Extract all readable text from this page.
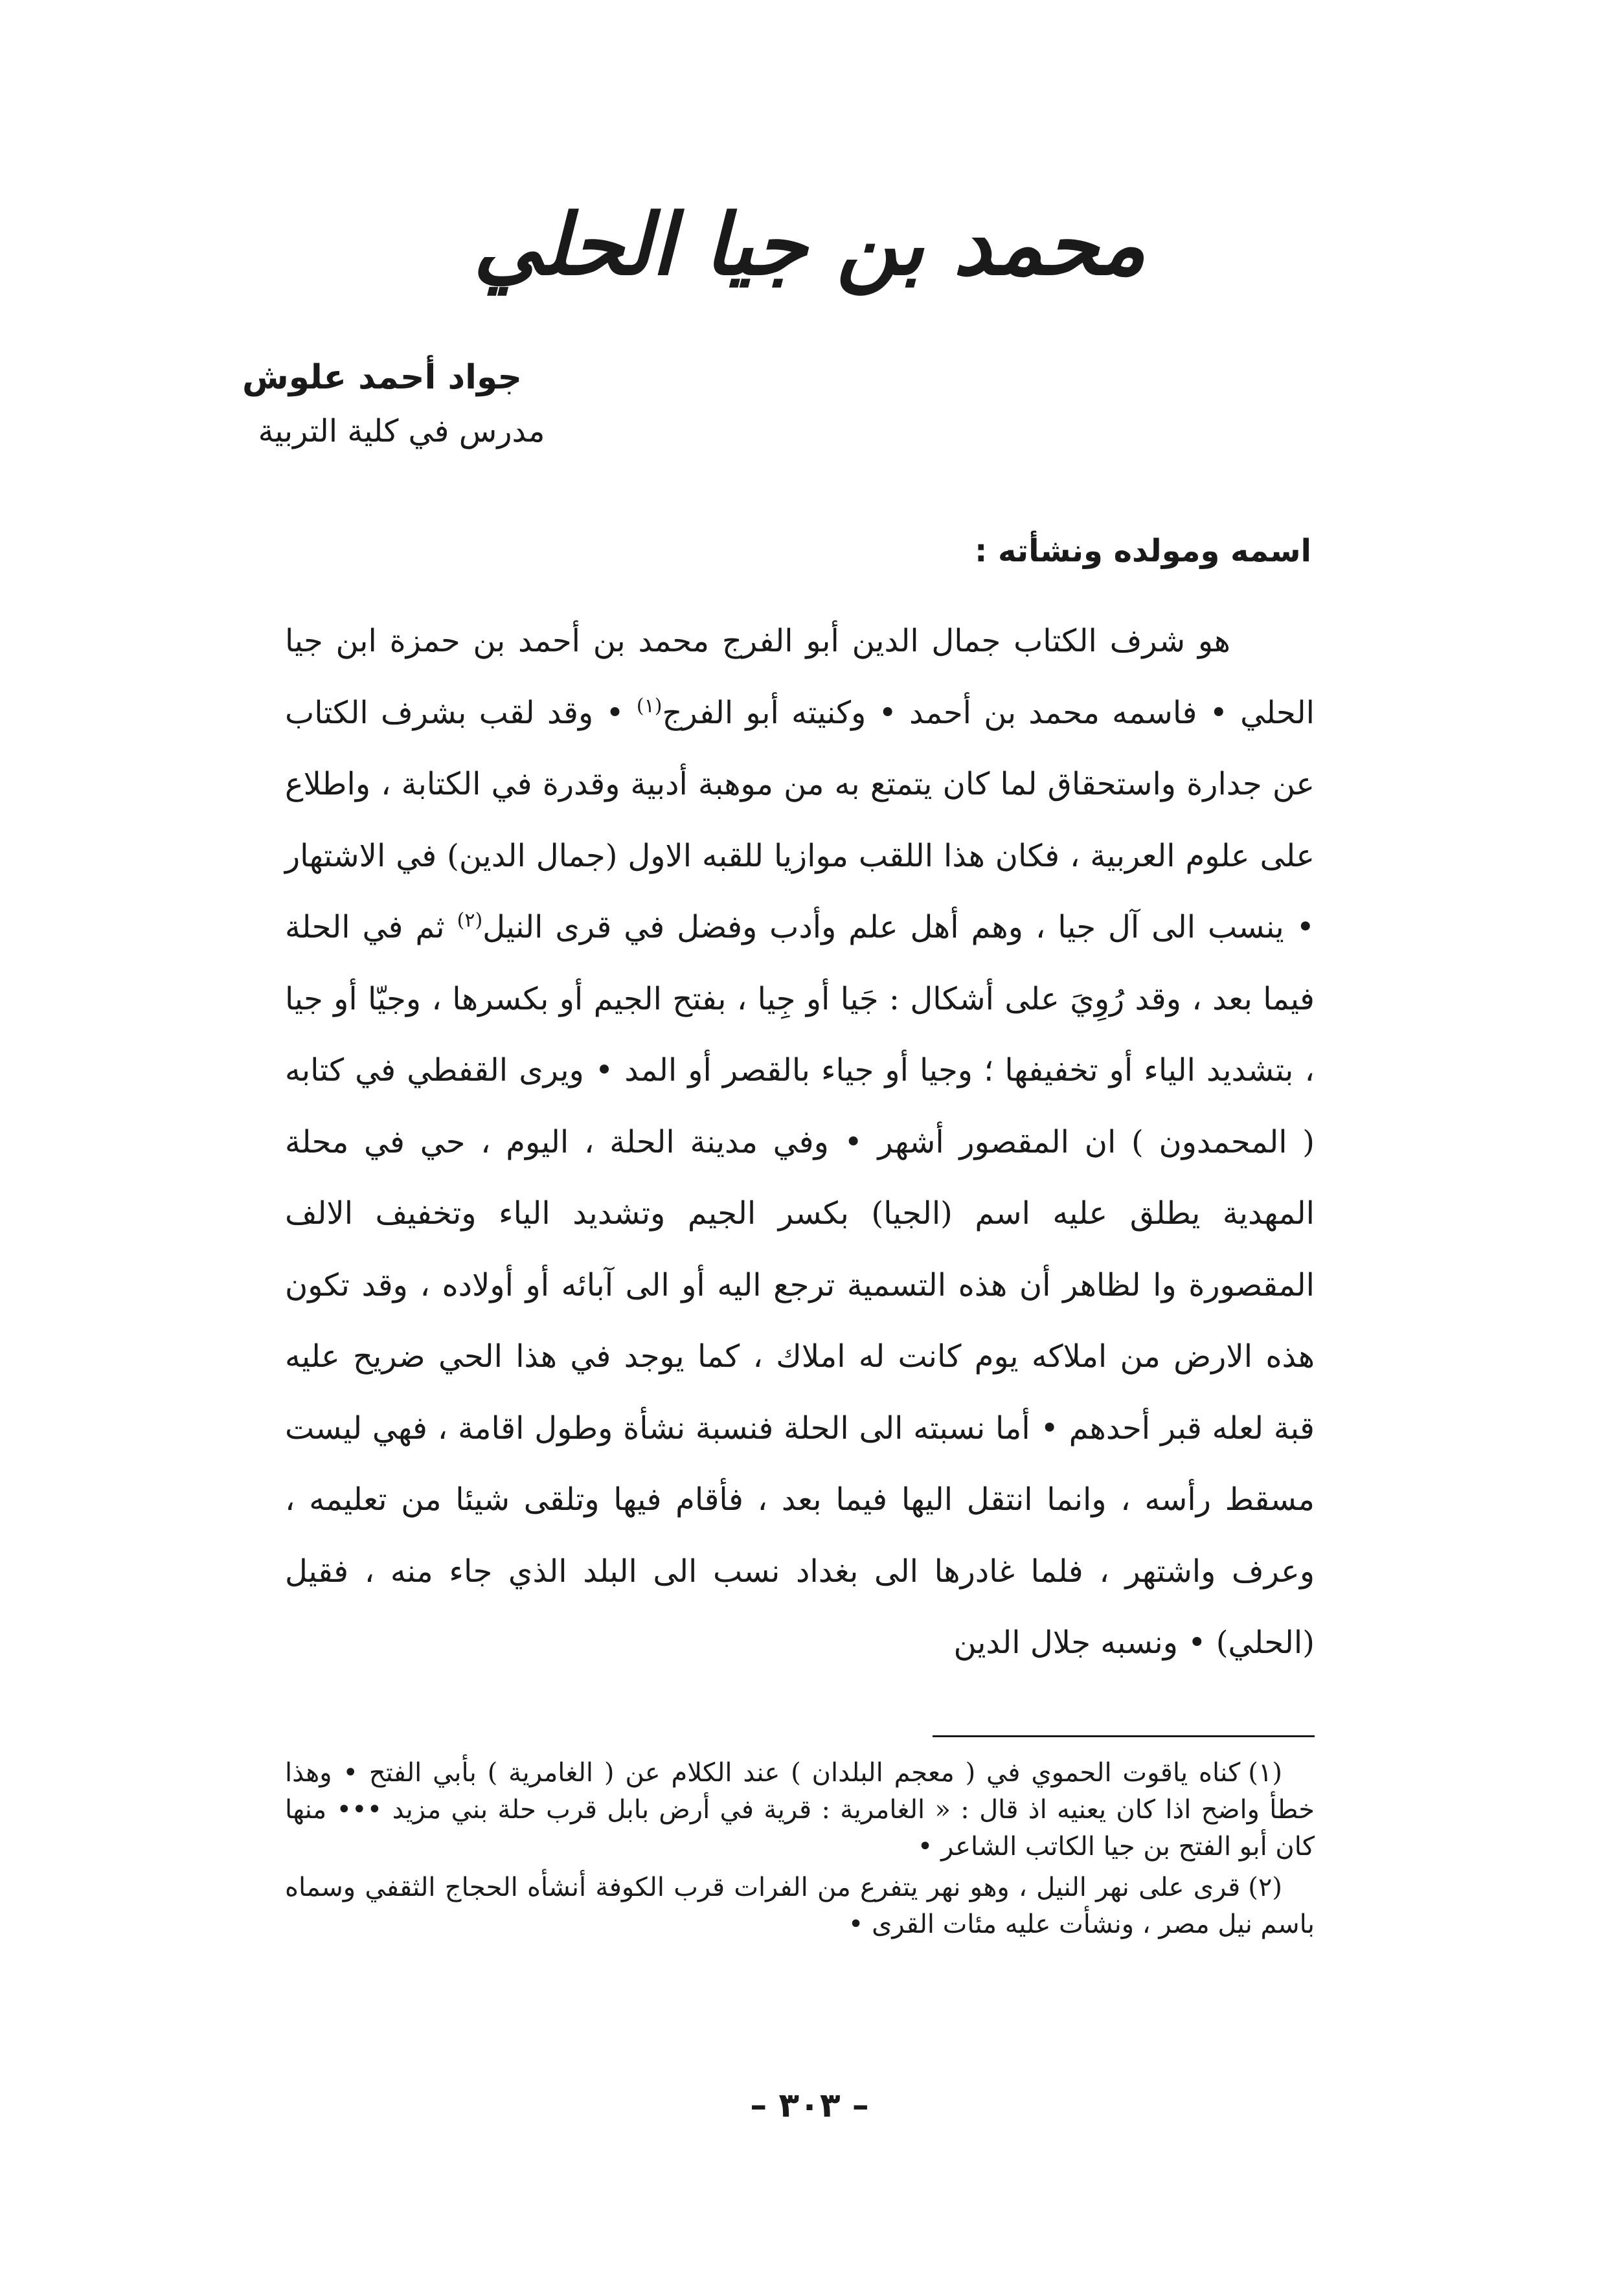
محمد بن جيا الحلي
جواد أحمد علوش
مدرس في كلية التربية
اسمه ومولده ونشأته :
هو شرف الكتاب جمال الدين أبو الفرج محمد بن أحمد بن حمزة ابن جيا الحلي • فاسمه محمد بن أحمد • وكنيته أبو الفرج$^{(١)}$ • وقد لقب بشرف الكتاب عن جدارة واستحقاق لما كان يتمتع به من موهبة أدبية وقدرة في الكتابة ، واطلاع على علوم العربية ، فكان هذا اللقب موازيا للقبه الاول (جمال الدين) في الاشتهار • ينسب الى آل جيا ، وهم أهل علم وأدب وفضل في قرى النيل$^{(٢)}$ ثم في الحلة فيما بعد ، وقد رُوِيَ على أشكال : جَيا أو جِيا ، بفتح الجيم أو بكسرها ، وجيّا أو جيا ، بتشديد الياء أو تخفيفها ؛ وجيا أو جياء بالقصر أو المد • ويرى القفطي في كتابه ( المحمدون ) ان المقصور أشهر • وفي مدينة الحلة ، اليوم ، حي في محلة المهدية يطلق عليه اسم (الجيا) بكسر الجيم وتشديد الياء وتخفيف الالف المقصورة وا لظاهر أن هذه التسمية ترجع اليه أو الى آبائه أو أولاده ، وقد تكون هذه الارض من املاكه يوم كانت له املاك ، كما يوجد في هذا الحي ضريح عليه قبة لعله قبر أحدهم • أما نسبته الى الحلة فنسبة نشأة وطول اقامة ، فهي ليست مسقط رأسه ، وانما انتقل اليها فيما بعد ، فأقام فيها وتلقى شيئا من تعليمه ، وعرف واشتهر ، فلما غادرها الى بغداد نسب الى البلد الذي جاء منه ، فقيل (الحلي) • ونسبه جلال الدين

(١)كناه ياقوت الحموي في ( معجم البلدان ) عند الكلام عن ( الغامرية ) بأبي الفتح • وهذا خطأ واضح اذا كان يعنيه اذ قال : « الغامرية : قرية في أرض بابل قرب حلة بني مزيد ••• منها كان أبو الفتح بن جيا الكاتب الشاعر •

(٢)قرى على نهر النيل ، وهو نهر يتفرع من الفرات قرب الكوفة أنشأه الحجاج الثقفي وسماه باسم نيل مصر ، ونشأت عليه مئات القرى •

– ٣٠٣ –
